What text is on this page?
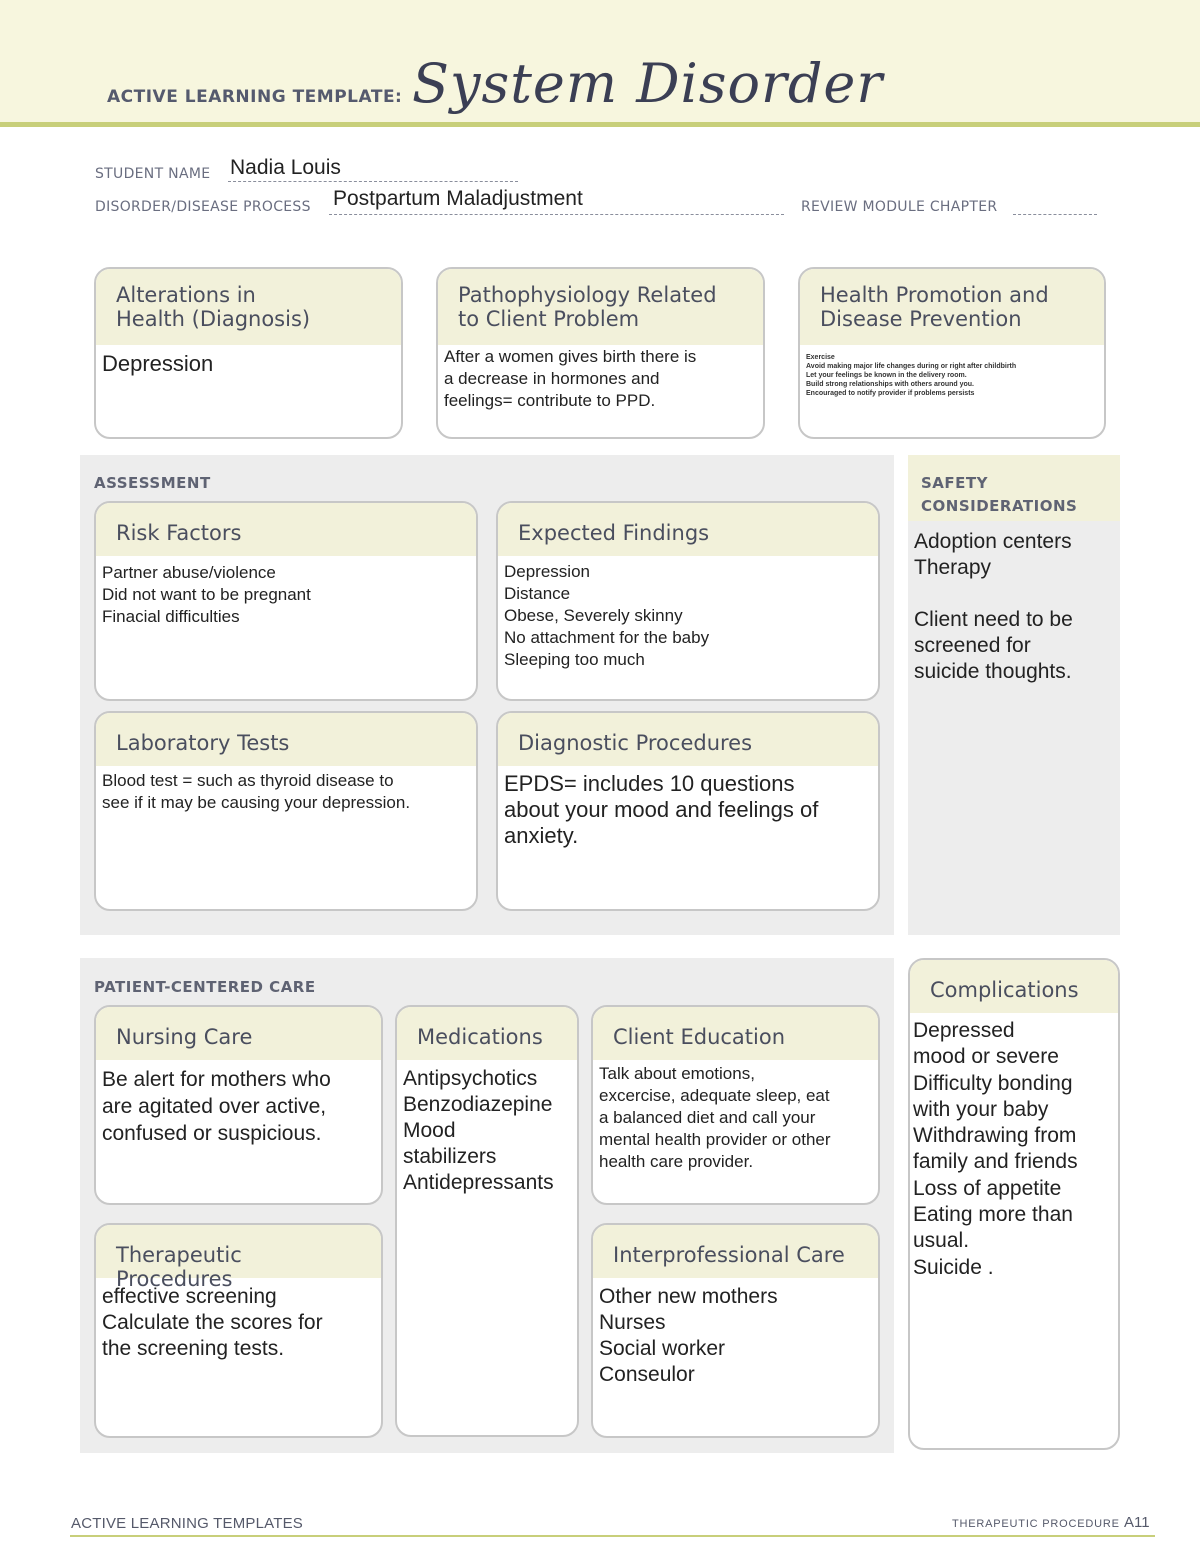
ACTIVE LEARNING TEMPLATE: System Disorder
STUDENT NAME Nadia Louis
DISORDER/DISEASE PROCESS Postpartum Maladjustment	REVIEW MODULE CHAPTER
Alterations in
Health (Diagnosis)
Depression
Pathophysiology Related
to Client Problem
After a women gives birth there is
a decrease in hormones and
feelings= contribute to PPD.
Health Promotion and
Disease Prevention
Exercise
Avoid making major life changes during or right after childbirth
Let your feelings be known in the delivery room.
Build strong relationships with others around you.
Encouraged to notify provider if problems persists
ASSESSMENT
Risk Factors
Partner abuse/violence
Did not want to be pregnant
Finacial difficulties
Expected Findings
Depression
Distance
Obese, Severely skinny
No attachment for the baby
Sleeping too much
Laboratory Tests
Blood test = such as thyroid disease to
see if it may be causing your depression.
Diagnostic Procedures
EPDS= includes 10 questions
about your mood and feelings of
anxiety.
SAFETY
CONSIDERATIONS
Adoption centers
Therapy

Client need to be
screened for
suicide thoughts.
PATIENT-CENTERED CARE
Nursing Care
Be alert for mothers who
are agitated over active,
confused or suspicious.
Medications
Antipsychotics
Benzodiazepine
Mood
stabilizers
Antidepressants
Client Education
Talk about emotions,
excercise, adequate sleep, eat
a balanced diet and call your
mental health provider or other
health care provider.
Therapeutic Procedures
effective screening
Calculate the scores for
the screening tests.
Interprofessional Care
Other new mothers
Nurses
Social worker
Conseulor
Complications
Depressed
mood or severe
Difficulty bonding
with your baby
Withdrawing from
family and friends
Loss of appetite
Eating more than
usual.
Suicide .
ACTIVE LEARNING TEMPLATES	THERAPEUTIC PROCEDURE A11
